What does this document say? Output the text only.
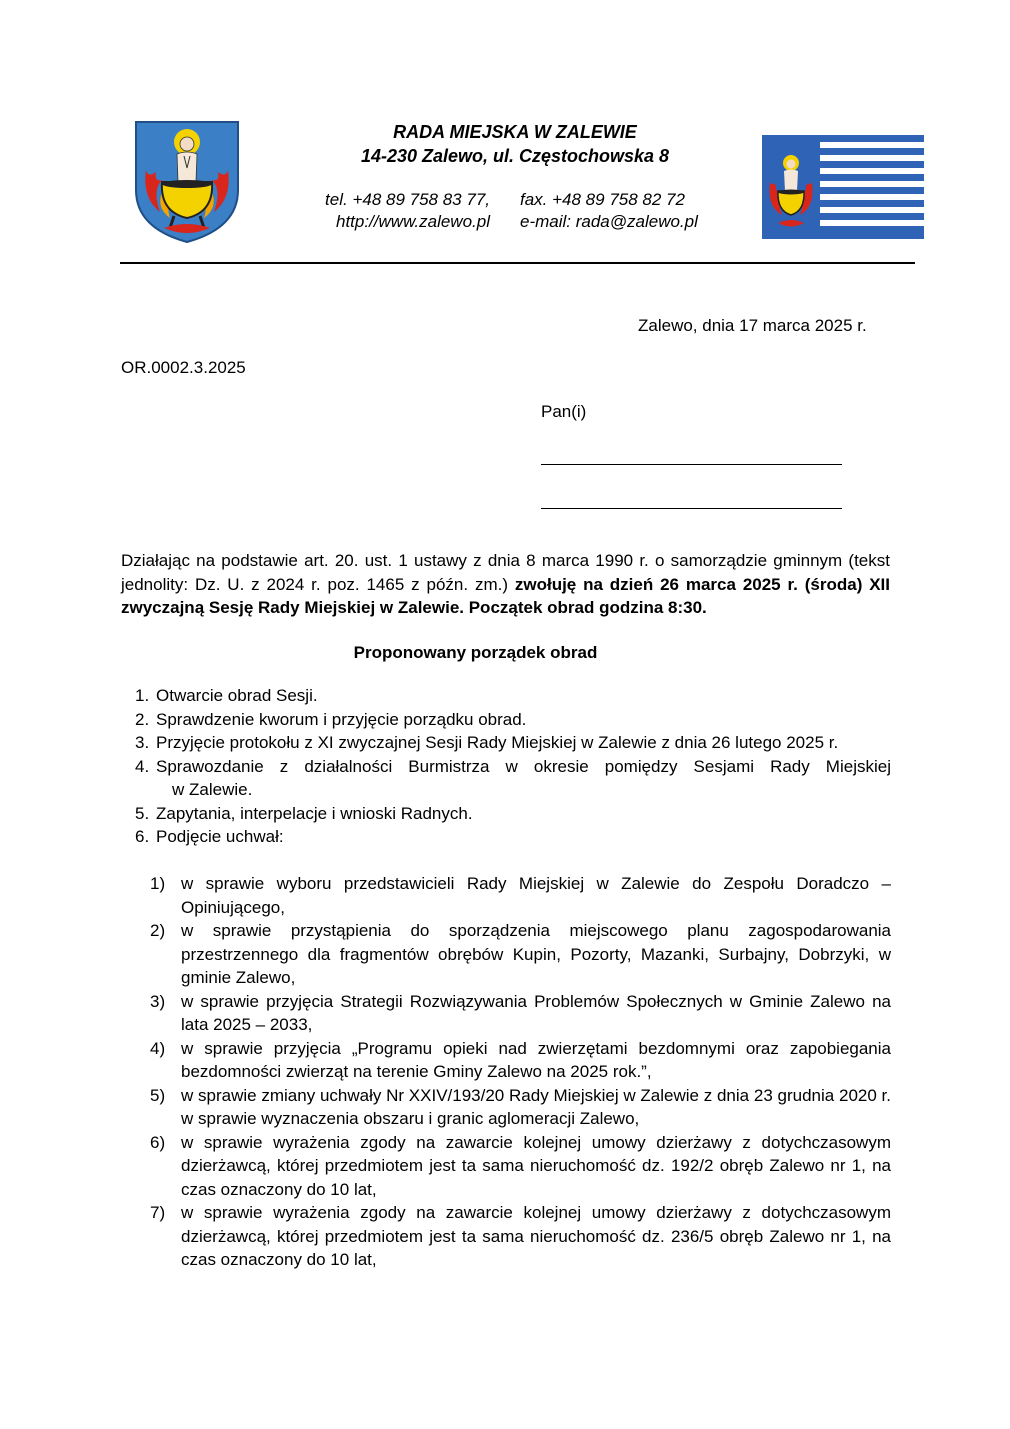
RADA MIEJSKA W ZALEWIE
14-230 Zalewo, ul. Częstochowska 8
tel. +48 89 758 83 77,
http://www.zalewo.pl
fax. +48 89 758 82 72
e-mail: rada@zalewo.pl
Zalewo, dnia 17 marca 2025 r.
OR.0002.3.2025
Pan(i)
Działając na podstawie art. 20. ust. 1 ustawy z dnia 8 marca 1990 r. o samorządzie gminnym (tekst jednolity: Dz. U. z 2024 r. poz. 1465 z późn. zm.) zwołuję na dzień 26 marca 2025 r. (środa) XII zwyczajną Sesję Rady Miejskiej w Zalewie. Początek obrad godzina 8:30.
Proponowany porządek obrad
1. Otwarcie obrad Sesji.
2. Sprawdzenie kworum i przyjęcie porządku obrad.
3. Przyjęcie protokołu z XI zwyczajnej Sesji Rady Miejskiej w Zalewie z dnia 26 lutego 2025 r.
4. Sprawozdanie z działalności Burmistrza w okresie pomiędzy Sesjami Rady Miejskiej
w Zalewie.
5. Zapytania, interpelacje i wnioski Radnych.
6. Podjęcie uchwał:
1) w sprawie wyboru przedstawicieli Rady Miejskiej w Zalewie do Zespołu Doradczo – Opiniującego,
2) w sprawie przystąpienia do sporządzenia miejscowego planu zagospodarowania przestrzennego dla fragmentów obrębów Kupin, Pozorty, Mazanki, Surbajny, Dobrzyki, w gminie Zalewo,
3) w sprawie przyjęcia Strategii Rozwiązywania Problemów Społecznych w Gminie Zalewo na lata 2025 – 2033,
4) w sprawie przyjęcia „Programu opieki nad zwierzętami bezdomnymi oraz zapobiegania bezdomności zwierząt na terenie Gminy Zalewo na 2025 rok.”,
5) w sprawie zmiany uchwały Nr XXIV/193/20 Rady Miejskiej w Zalewie z dnia 23 grudnia 2020 r. w sprawie wyznaczenia obszaru i granic aglomeracji Zalewo,
6) w sprawie wyrażenia zgody na zawarcie kolejnej umowy dzierżawy z dotychczasowym dzierżawcą, której przedmiotem jest ta sama nieruchomość dz. 192/2 obręb Zalewo nr 1, na czas oznaczony do 10 lat,
7) w sprawie wyrażenia zgody na zawarcie kolejnej umowy dzierżawy z dotychczasowym dzierżawcą, której przedmiotem jest ta sama nieruchomość dz. 236/5 obręb Zalewo nr 1, na czas oznaczony do 10 lat,
